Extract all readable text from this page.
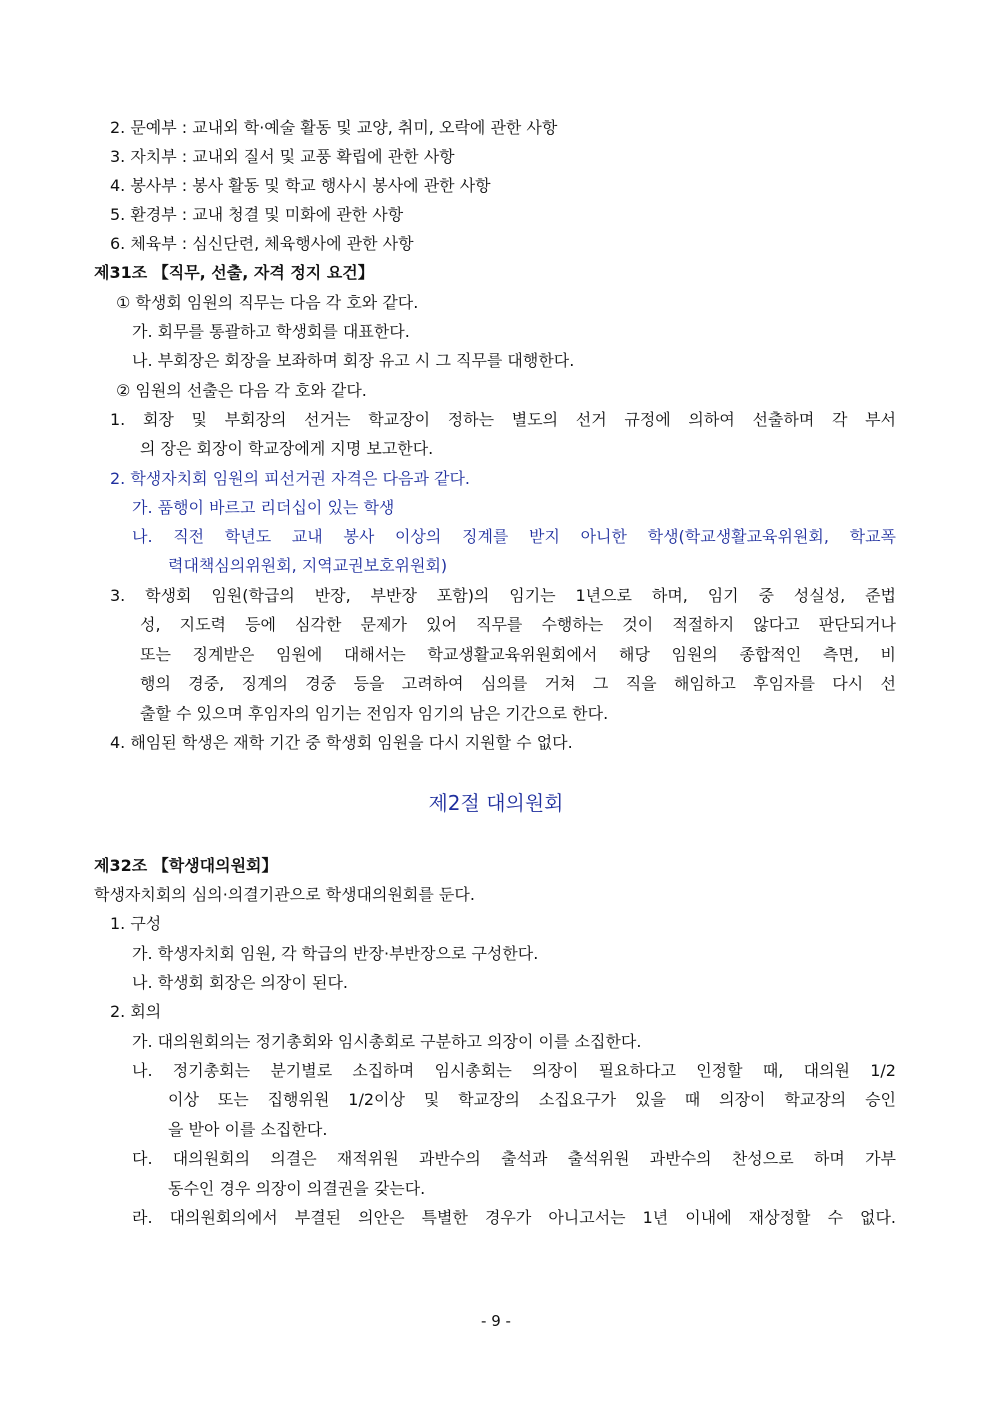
2. 문예부 : 교내외 학·예술 활동 및 교양, 취미, 오락에 관한 사항
3. 자치부 : 교내외 질서 및 교풍 확립에 관한 사항
4. 봉사부 : 봉사 활동 및 학교 행사시 봉사에 관한 사항
5. 환경부 : 교내 청결 및 미화에 관한 사항
6. 체육부 : 심신단련, 체육행사에 관한 사항
제31조 【직무, 선출, 자격 정지 요건】
① 학생회 임원의 직무는 다음 각 호와 같다.
가. 회무를 통괄하고 학생회를 대표한다.
나. 부회장은 회장을 보좌하며 회장 유고 시 그 직무를 대행한다.
② 임원의 선출은 다음 각 호와 같다.
1. 회장 및 부회장의 선거는 학교장이 정하는 별도의 선거 규정에 의하여 선출하며 각 부서
의 장은 회장이 학교장에게 지명 보고한다.
2. 학생자치회 임원의 피선거권 자격은 다음과 같다.
가. 품행이 바르고 리더십이 있는 학생
나. 직전 학년도 교내 봉사 이상의 징계를 받지 아니한 학생(학교생활교육위원회, 학교폭
력대책심의위원회, 지역교권보호위원회)
3. 학생회 임원(학급의 반장, 부반장 포함)의 임기는 1년으로 하며, 임기 중 성실성, 준법
성, 지도력 등에 심각한 문제가 있어 직무를 수행하는 것이 적절하지 않다고 판단되거나
또는 징계받은 임원에 대해서는 학교생활교육위원회에서 해당 임원의 종합적인 측면, 비
행의 경중, 징계의 경중 등을 고려하여 심의를 거쳐 그 직을 해임하고 후임자를 다시 선
출할 수 있으며 후임자의 임기는 전임자 임기의 남은 기간으로 한다.
4. 해임된 학생은 재학 기간 중 학생회 임원을 다시 지원할 수 없다.
제2절 대의원회
제32조 【학생대의원회】
학생자치회의 심의·의결기관으로 학생대의원회를 둔다.
1. 구성
가. 학생자치회 임원, 각 학급의 반장·부반장으로 구성한다.
나. 학생회 회장은 의장이 된다.
2. 회의
가. 대의원회의는 정기총회와 임시총회로 구분하고 의장이 이를 소집한다.
나. 정기총회는 분기별로 소집하며 임시총회는 의장이 필요하다고 인정할 때, 대의원 1/2
이상 또는 집행위원 1/2이상 및 학교장의 소집요구가 있을 때 의장이 학교장의 승인
을 받아 이를 소집한다.
다. 대의원회의 의결은 재적위원 과반수의 출석과 출석위원 과반수의 찬성으로 하며 가부
동수인 경우 의장이 의결권을 갖는다.
라. 대의원회의에서 부결된 의안은 특별한 경우가 아니고서는 1년 이내에 재상정할 수 없다.
- 9 -
